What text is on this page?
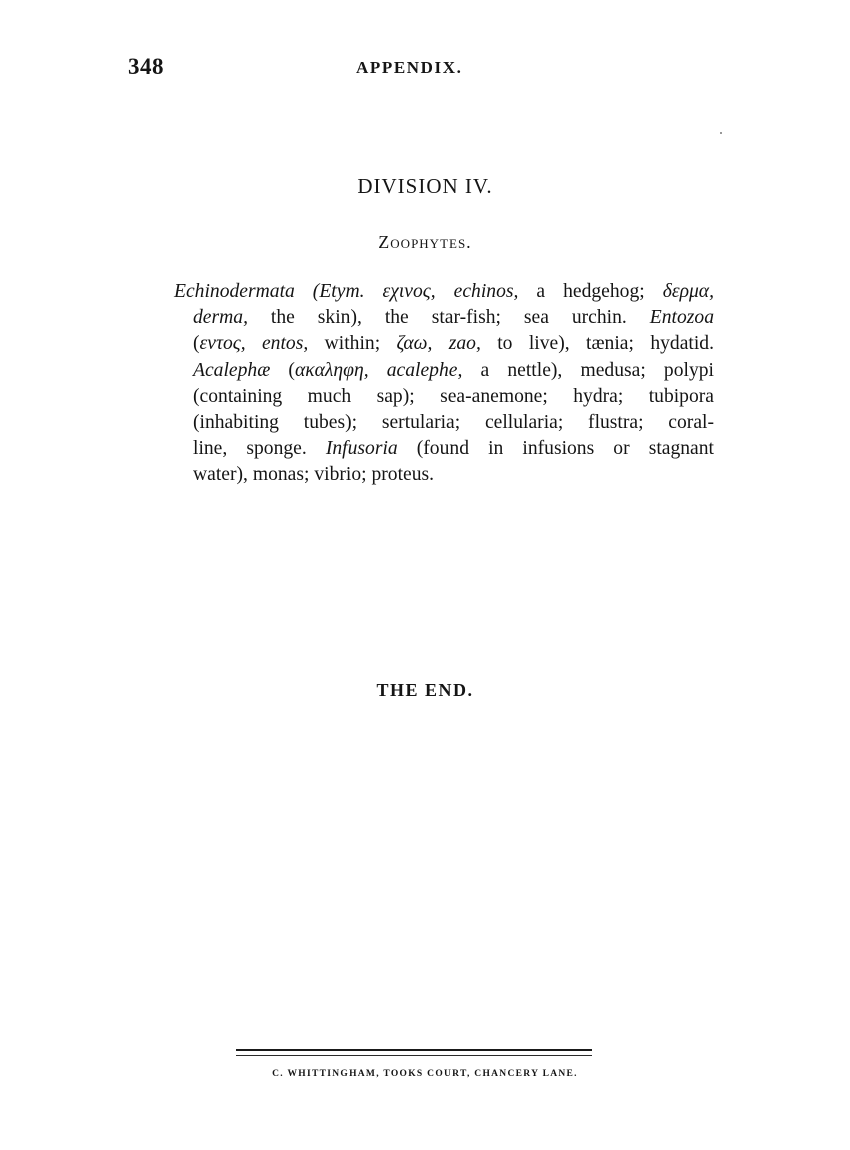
348	APPENDIX.
DIVISION IV.
Zoophytes.
Echinodermata (Etym. εχινος, echinos, a hedgehog; δερμα,
derma, the skin), the star-fish; sea urchin. Entozoa
(εντος, entos, within; ζαω, zao, to live), tænia; hydatid.
Acalephæ (ακαληφη, acalephe, a nettle), medusa; polypi
(containing much sap); sea-anemone; hydra; tubipora
(inhabiting tubes); sertularia; cellularia; flustra; coral-
line, sponge. Infusoria (found in infusions or stagnant
water), monas; vibrio; proteus.
THE END.
C. WHITTINGHAM, TOOKS COURT, CHANCERY LANE.
